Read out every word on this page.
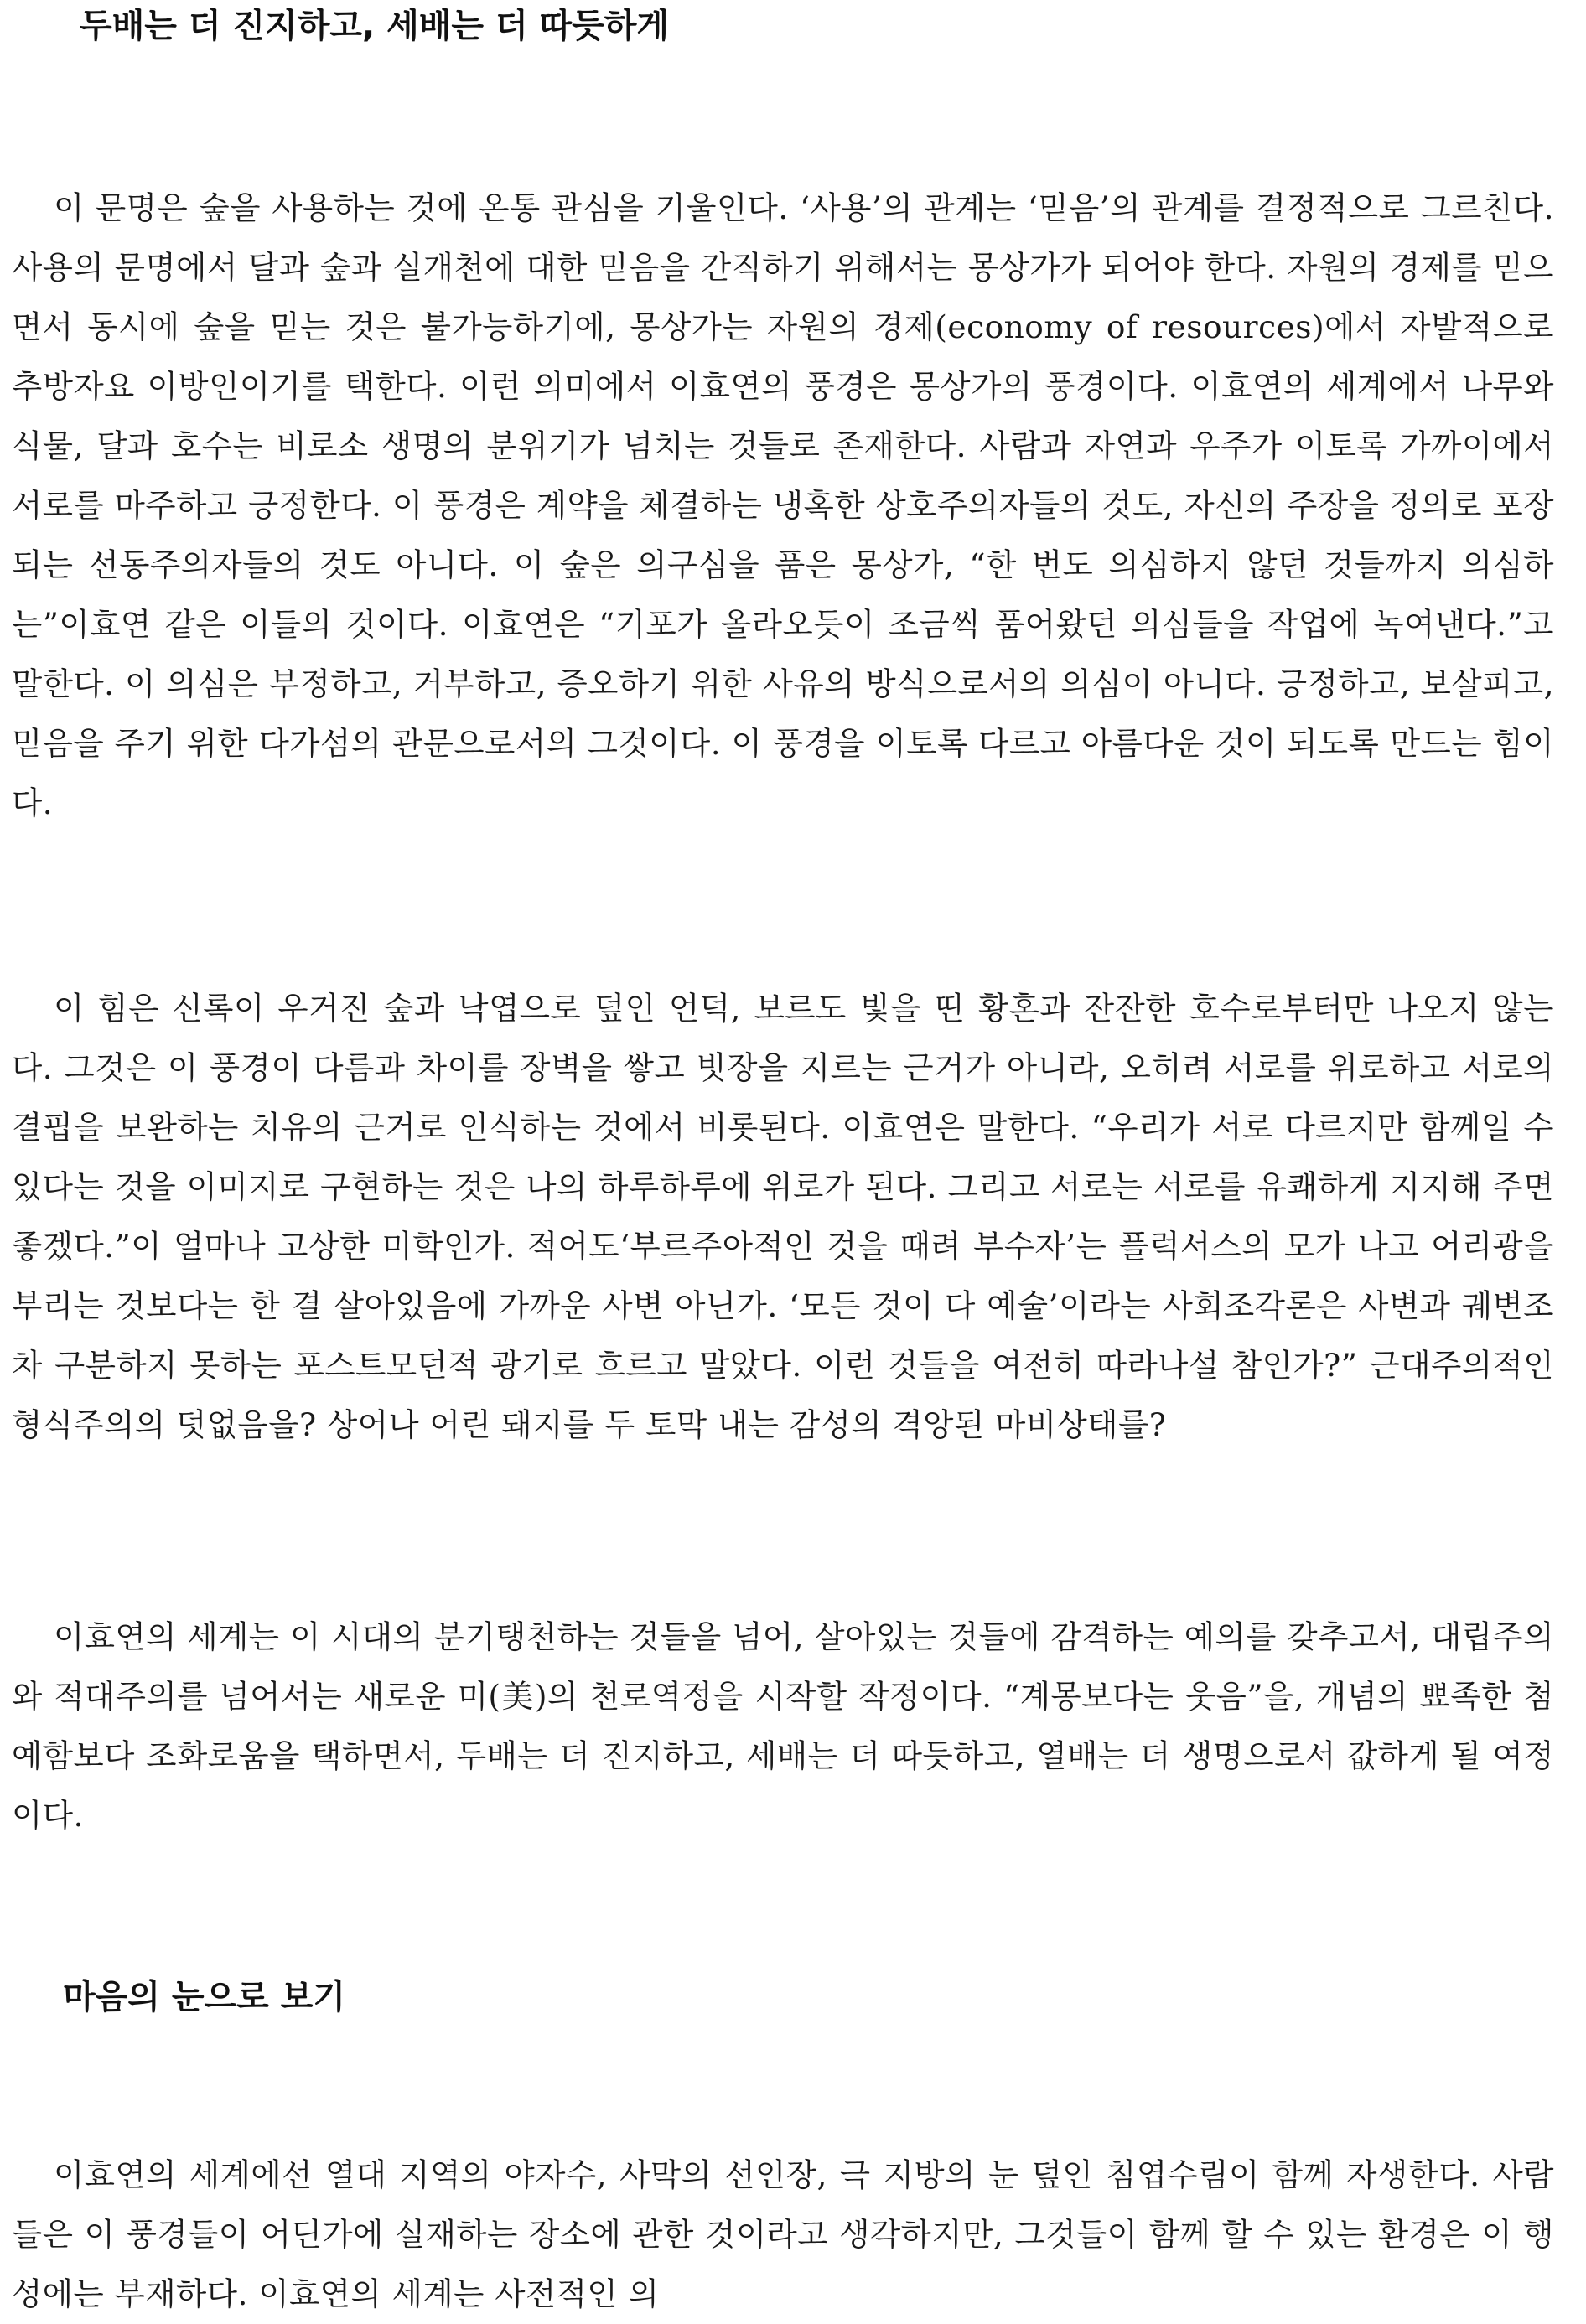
두배는 더 진지하고, 세배는 더 따듯하게

이 문명은 숲을 사용하는 것에 온통 관심을 기울인다. ‘사용’의 관계는 ‘믿음’의 관계를 결정적으로 그르친다. 사용의 문명에서 달과 숲과 실개천에 대한 믿음을 간직하기 위해서는 몽상가가 되어야 한다. 자원의 경제를 믿으면서 동시에 숲을 믿는 것은 불가능하기에, 몽상가는 자원의 경제(economy of resources)에서 자발적으로 추방자요 이방인이기를 택한다. 이런 의미에서 이효연의 풍경은 몽상가의 풍경이다. 이효연의 세계에서 나무와 식물, 달과 호수는 비로소 생명의 분위기가 넘치는 것들로 존재한다. 사람과 자연과 우주가 이토록 가까이에서 서로를 마주하고 긍정한다. 이 풍경은 계약을 체결하는 냉혹한 상호주의자들의 것도, 자신의 주장을 정의로 포장되는 선동주의자들의 것도 아니다. 이 숲은 의구심을 품은 몽상가, “한 번도 의심하지 않던 것들까지 의심하는”이효연 같은 이들의 것이다. 이효연은 “기포가 올라오듯이 조금씩 품어왔던 의심들을 작업에 녹여낸다.”고 말한다. 이 의심은 부정하고, 거부하고, 증오하기 위한 사유의 방식으로서의 의심이 아니다. 긍정하고, 보살피고, 믿음을 주기 위한 다가섬의 관문으로서의 그것이다. 이 풍경을 이토록 다르고 아름다운 것이 되도록 만드는 힘이다.

이 힘은 신록이 우거진 숲과 낙엽으로 덮인 언덕, 보르도 빛을 띤 황혼과 잔잔한 호수로부터만 나오지 않는다. 그것은 이 풍경이 다름과 차이를 장벽을 쌓고 빗장을 지르는 근거가 아니라, 오히려 서로를 위로하고 서로의 결핍을 보완하는 치유의 근거로 인식하는 것에서 비롯된다. 이효연은 말한다. “우리가 서로 다르지만 함께일 수 있다는 것을 이미지로 구현하는 것은 나의 하루하루에 위로가 된다. 그리고 서로는 서로를 유쾌하게 지지해 주면 좋겠다.”이 얼마나 고상한 미학인가. 적어도‘부르주아적인 것을 때려 부수자’는 플럭서스의 모가 나고 어리광을 부리는 것보다는 한 결 살아있음에 가까운 사변 아닌가. ‘모든 것이 다 예술’이라는 사회조각론은 사변과 궤변조차 구분하지 못하는 포스트모던적 광기로 흐르고 말았다. 이런 것들을 여전히 따라나설 참인가?” 근대주의적인 형식주의의 덧없음을? 상어나 어린 돼지를 두 토막 내는 감성의 격앙된 마비상태를?

이효연의 세계는 이 시대의 분기탱천하는 것들을 넘어, 살아있는 것들에 감격하는 예의를 갖추고서, 대립주의와 적대주의를 넘어서는 새로운 미(美)의 천로역정을 시작할 작정이다. “계몽보다는 웃음”을, 개념의 뾰족한 첨예함보다 조화로움을 택하면서, 두배는 더 진지하고, 세배는 더 따듯하고, 열배는 더 생명으로서 값하게 될 여정이다.

마음의 눈으로 보기

이효연의 세계에선 열대 지역의 야자수, 사막의 선인장, 극 지방의 눈 덮인 침엽수림이 함께 자생한다. 사람들은 이 풍경들이 어딘가에 실재하는 장소에 관한 것이라고 생각하지만, 그것들이 함께 할 수 있는 환경은 이 행성에는 부재하다. 이효연의 세계는 사전적인 의
